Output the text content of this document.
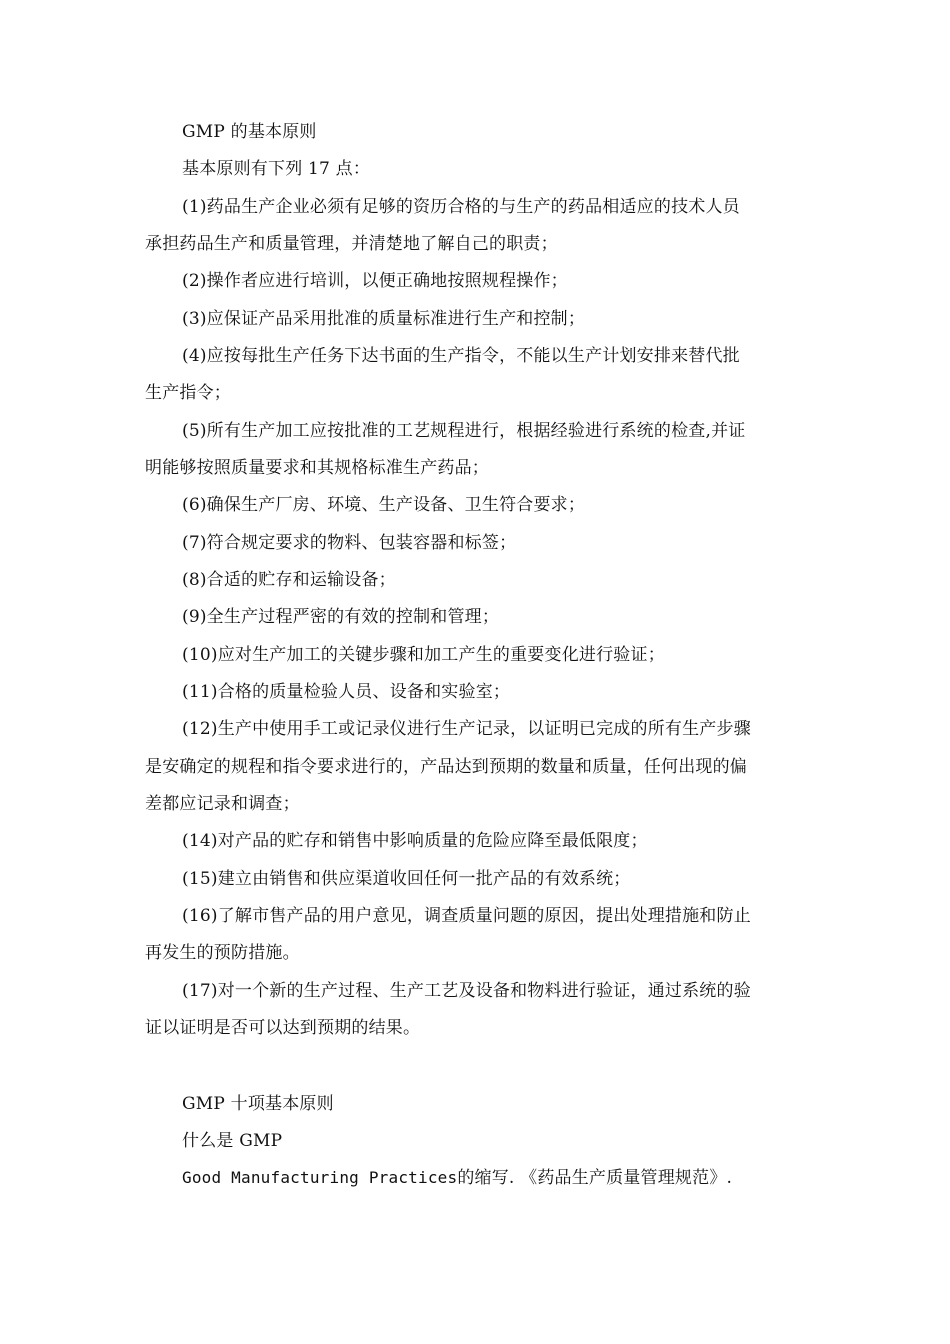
GMP 的基本原则
基本原则有下列 17 点：
(1)药品生产企业必须有足够的资历合格的与生产的药品相适应的技术人员
承担药品生产和质量管理，并清楚地了解自己的职责；
(2)操作者应进行培训，以便正确地按照规程操作；
(3)应保证产品采用批准的质量标准进行生产和控制；
(4)应按每批生产任务下达书面的生产指令，不能以生产计划安排来替代批
生产指令；
(5)所有生产加工应按批准的工艺规程进行，根据经验进行系统的检查,并证
明能够按照质量要求和其规格标准生产药品；
(6)确保生产厂房、环境、生产设备、卫生符合要求；
(7)符合规定要求的物料、包装容器和标签；
(8)合适的贮存和运输设备；
(9)全生产过程严密的有效的控制和管理；
(10)应对生产加工的关键步骤和加工产生的重要变化进行验证；
(11)合格的质量检验人员、设备和实验室；
(12)生产中使用手工或记录仪进行生产记录，以证明已完成的所有生产步骤
是安确定的规程和指令要求进行的，产品达到预期的数量和质量，任何出现的偏
差都应记录和调查；
(14)对产品的贮存和销售中影响质量的危险应降至最低限度；
(15)建立由销售和供应渠道收回任何一批产品的有效系统；
(16)了解市售产品的用户意见，调查质量问题的原因，提出处理措施和防止
再发生的预防措施。
(17)对一个新的生产过程、生产工艺及设备和物料进行验证，通过系统的验
证以证明是否可以达到预期的结果。
GMP 十项基本原则
什么是 GMP
Good Manufacturing Practices的缩写. 《药品生产质量管理规范》.
